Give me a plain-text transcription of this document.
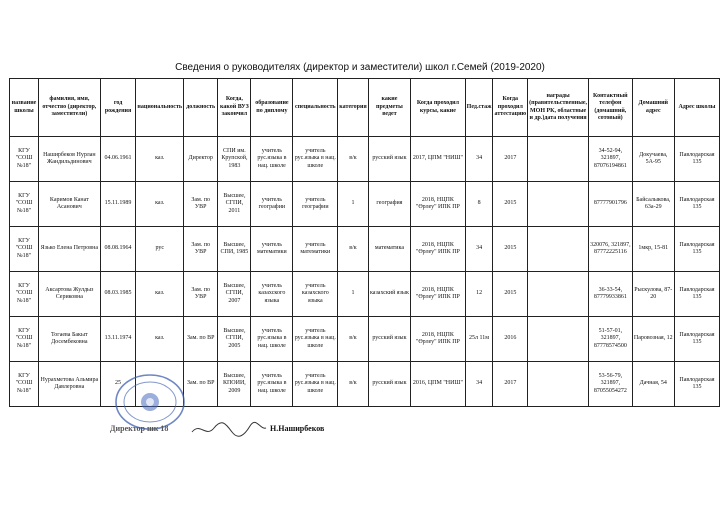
Сведения о руководителях (директор и заместители) школ г.Семей (2019-2020)
название школы	фамилия, имя, отчество (директор, заместители)	год рождения	национальность	должность	Когда, какой ВУЗ закончил	образование по диплому	специальность	категория	какие предметы ведет	Когда проходил курсы, какие	Пед.стаж	Когда проходил аттестацию	награды (правительственные, МОН РК, областные и др.)дата получения	Контактный телефон (домашний, сотовый)	Домашний адрес	Адрес школы
КГУ "СОШ №18"	Наширбеков Нурлан Жандильдинович	04.06.1961	каз.	Директор	СПИ им. Крупской, 1983	учитель рус.языка в нац. школе	учитель рус.языка в нац. школе	в/к	русский язык	2017, ЦПМ "НИШ"	34	2017		34-52-94, 321897, 87076194861	Докучаева, 5А-95	Павлодарская 135
КГУ "СОШ №18"	Каримов Канат Асанович	15.11.1989	каз.	Зам. по УВР	Высшее, СГПИ, 2011	учитель географии	учитель географии	1	география	2018, НЦПК "Өрлеу" ИПК ПР	8	2015		87777901796	Байсалыкова, 63а-29	Павлодарская 135
КГУ "СОШ №18"	Язько Елена Петровна	08.08.1964	рус	Зам. по УВР	Высшее, СПИ, 1985	учитель математики	учитель математики	в/к	математика	2018, НЦПК "Өрлеу" ИПК ПР	34	2015		320076, 321897, 87772225116	1мкр, 15-81	Павлодарская 135
КГУ "СОШ №18"	Аксартова Жулдыз Сериковна	08.03.1985	каз.	Зам. по УВР	Высшее, СГПИ, 2007	учитель казахского языка	учитель казахского языка	1	казахский язык	2018, НЦПК "Өрлеу" ИПК ПР	12	2015		36-33-54, 87779933861	Рыскулова, 87-20	Павлодарская 135
КГУ "СОШ №18"	Тогаева Бакыт Досембековна	13.11.1974	каз.	Зам. по ВР	Высшее, СГПИ, 2005	учитель рус.языка в нац. школе	учитель рус.языка в нац. школе	в/к	русский язык	2018, НЦПК "Өрлеу" ИПК ПР	25л 11м	2016		51-57-01, 321897, 87778574500	Паровозная, 12	Павлодарская 135
КГУ "СОШ №18"	Нурахметова Альмира Давлеровна	25		Зам. по ВР	Высшее, КПОИИ, 2009	учитель рус.языка в нац. школе	учитель рус.языка в нац. школе	в/к	русский язык	2016, ЦПМ "НИШ"	34	2017		53-56-79, 321897, 87055054272	Дачная, 54	Павлодарская 135
Директор шк 18	Н.Наширбеков
